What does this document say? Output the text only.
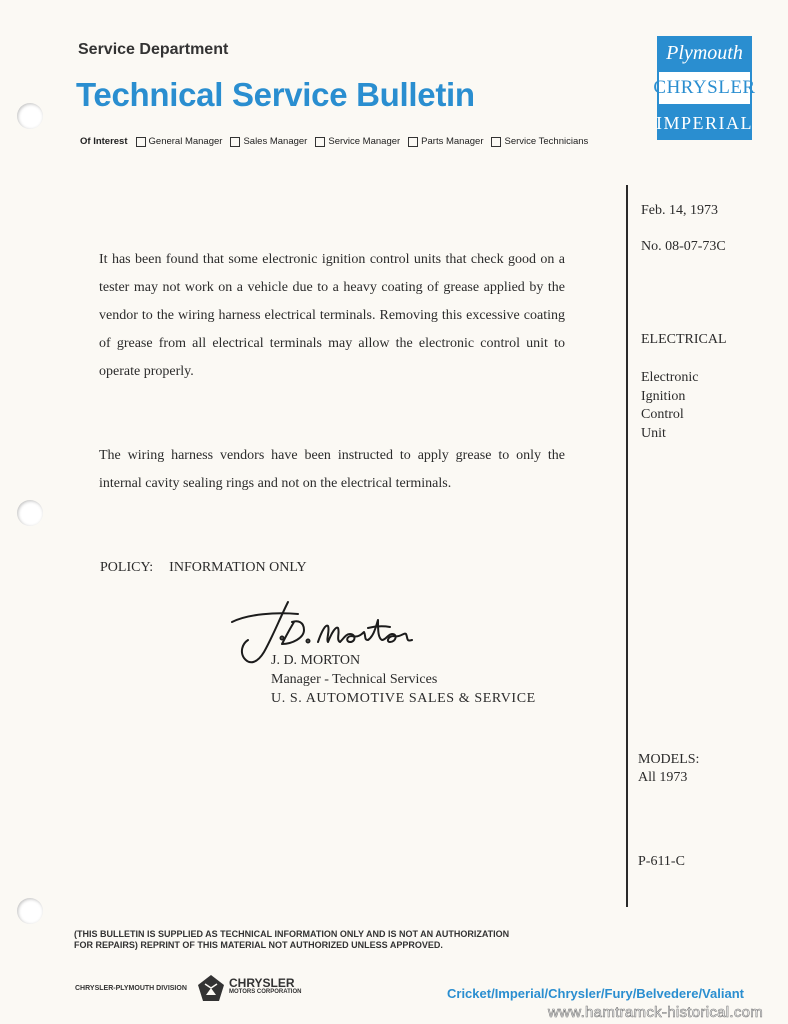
Service Department
Technical Service Bulletin
Of Interest General Manager Sales Manager Service Manager Parts Manager Service Technicians
Plymouth
CHRYSLER
IMPERIAL
Feb. 14, 1973
No. 08-07-73C
ELECTRICAL
Electronic
Ignition
Control
Unit
MODELS:
All 1973
P-611-C
It has been found that some electronic ignition control units that check good on a tester may not work on a vehicle due to a heavy coating of grease applied by the vendor to the wiring harness electrical terminals. Removing this excessive coating of grease from all electrical terminals may allow the electronic control unit to operate properly.
The wiring harness vendors have been instructed to apply grease to only the internal cavity sealing rings and not on the electrical terminals.
POLICY: INFORMATION ONLY
J. D. MORTON
Manager - Technical Services
U. S. AUTOMOTIVE SALES & SERVICE
(THIS BULLETIN IS SUPPLIED AS TECHNICAL INFORMATION ONLY AND IS NOT AN AUTHORIZATION
FOR REPAIRS) REPRINT OF THIS MATERIAL NOT AUTHORIZED UNLESS APPROVED.
CHRYSLER-PLYMOUTH DIVISION	CHRYSLER
MOTORS CORPORATION	Cricket/Imperial/Chrysler/Fury/Belvedere/Valiant
www.hamtramck-historical.com
